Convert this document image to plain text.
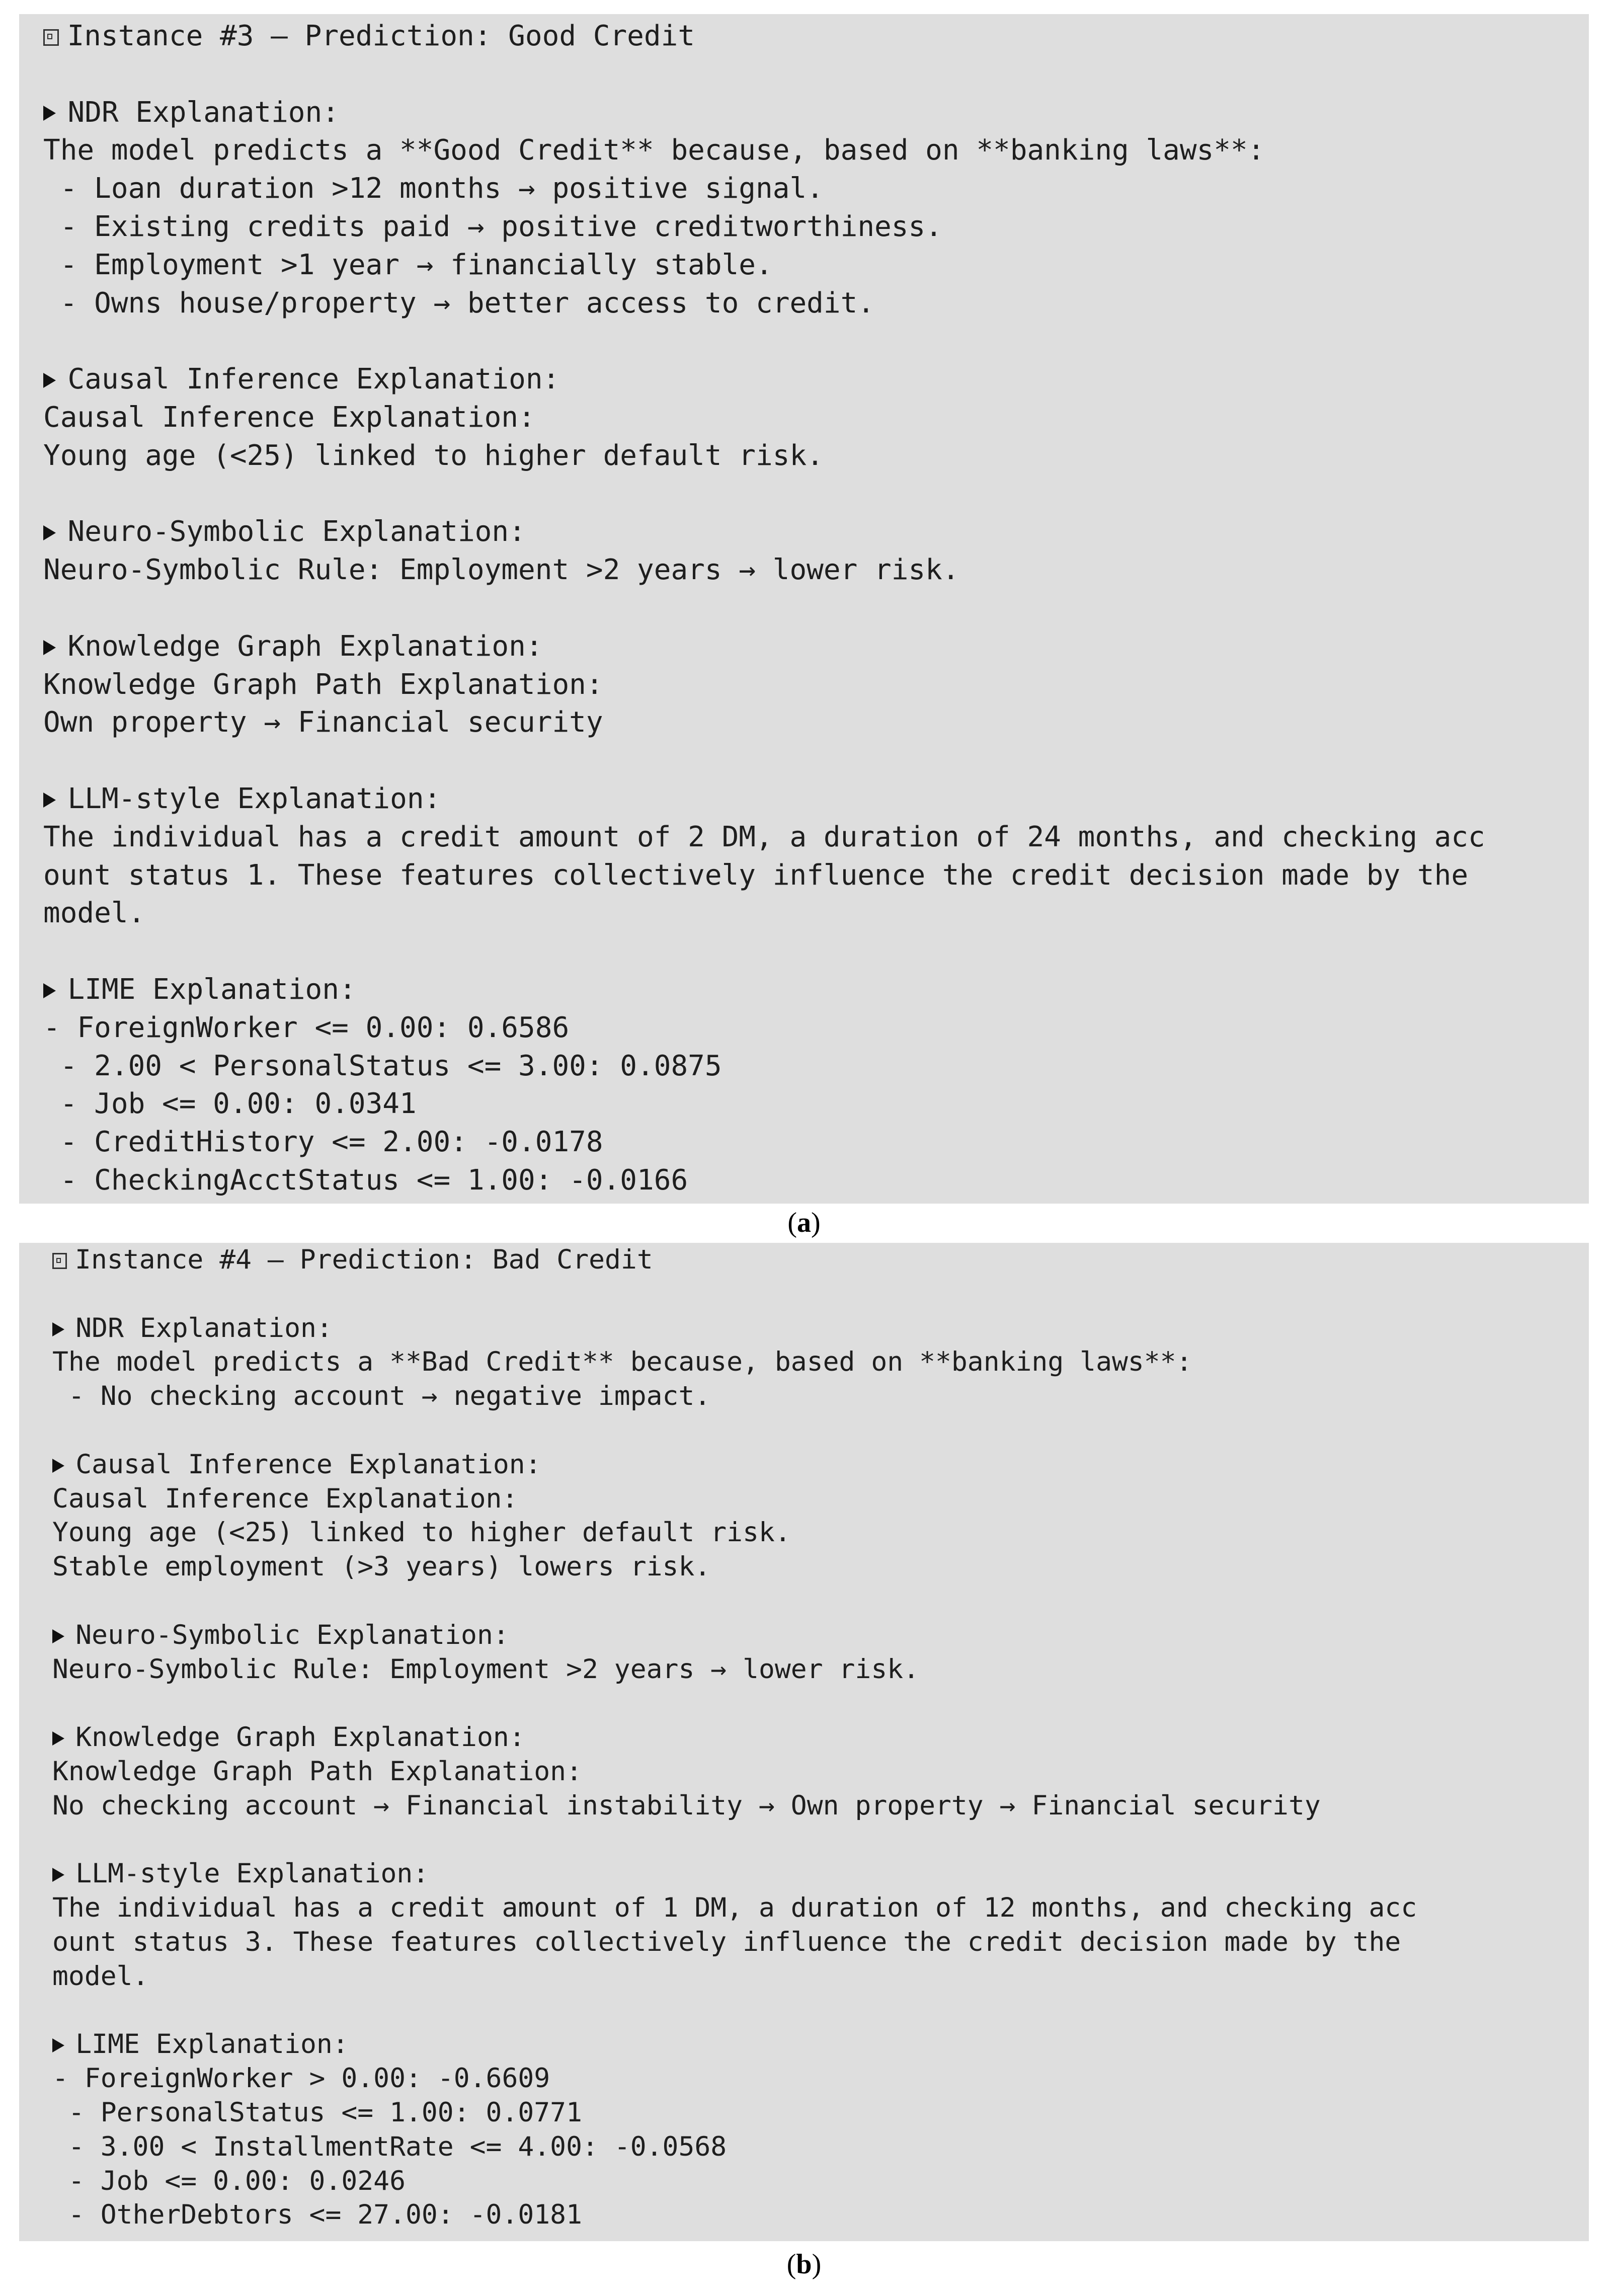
Instance #3 — Prediction: Good Credit
NDR Explanation:
The model predicts a **Good Credit** because, based on **banking laws**:
- Loan duration >12 months → positive signal.
- Existing credits paid → positive creditworthiness.
- Employment >1 year → financially stable.
- Owns house/property → better access to credit.
Causal Inference Explanation:
Causal Inference Explanation:
Young age (<25) linked to higher default risk.
Neuro-Symbolic Explanation:
Neuro-Symbolic Rule: Employment >2 years → lower risk.
Knowledge Graph Explanation:
Knowledge Graph Path Explanation:
Own property → Financial security
LLM-style Explanation:
The individual has a credit amount of 2 DM, a duration of 24 months, and checking acc
ount status 1. These features collectively influence the credit decision made by the
model.
LIME Explanation:
- ForeignWorker <= 0.00: 0.6586
- 2.00 < PersonalStatus <= 3.00: 0.0875
- Job <= 0.00: 0.0341
- CreditHistory <= 2.00: -0.0178
- CheckingAcctStatus <= 1.00: -0.0166
(a)
Instance #4 — Prediction: Bad Credit
NDR Explanation:
The model predicts a **Bad Credit** because, based on **banking laws**:
- No checking account → negative impact.
Causal Inference Explanation:
Causal Inference Explanation:
Young age (<25) linked to higher default risk.
Stable employment (>3 years) lowers risk.
Neuro-Symbolic Explanation:
Neuro-Symbolic Rule: Employment >2 years → lower risk.
Knowledge Graph Explanation:
Knowledge Graph Path Explanation:
No checking account → Financial instability → Own property → Financial security
LLM-style Explanation:
The individual has a credit amount of 1 DM, a duration of 12 months, and checking acc
ount status 3. These features collectively influence the credit decision made by the
model.
LIME Explanation:
- ForeignWorker > 0.00: -0.6609
- PersonalStatus <= 1.00: 0.0771
- 3.00 < InstallmentRate <= 4.00: -0.0568
- Job <= 0.00: 0.0246
- OtherDebtors <= 27.00: -0.0181
(b)
